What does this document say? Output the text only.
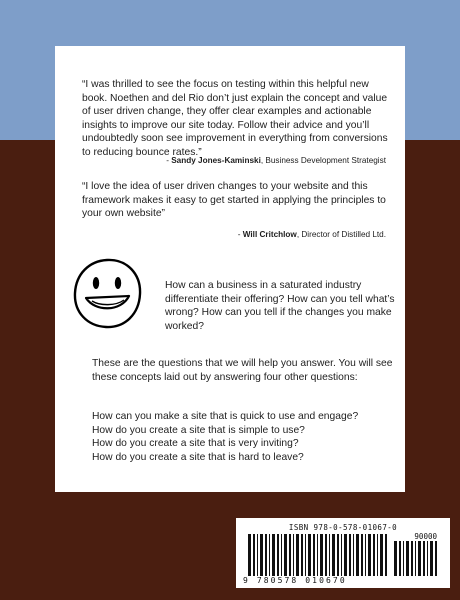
“I was thrilled to see the focus on testing within this helpful new book. Noethen and del Rio don’t just explain the concept and value of user driven change, they offer clear examples and actionable insights to improve our site today. Follow their advice and you’ll undoubtedly soon see improvement in everything from conversions to reducing bounce rates.”

- Sandy Jones-Kaminski, Business Development Strategist

“I love the idea of user driven changes to your website and this framework makes it easy to get started in applying the principles to your own website”

- Will Critchlow, Director of Distilled Ltd.

How can a business in a saturated industry differentiate their offering? How can you tell what’s wrong? How can you tell if the changes you make worked?

These are the questions that we will help you answer. You will see these concepts laid out by answering four other questions:

How can you make a site that is quick to use and engage?
How do you create a site that is simple to use?
How do you create a site that is very inviting?
How do you create a site that is hard to leave?
ISBN 978-0-578-01067-0
90000
9 780578 010670
